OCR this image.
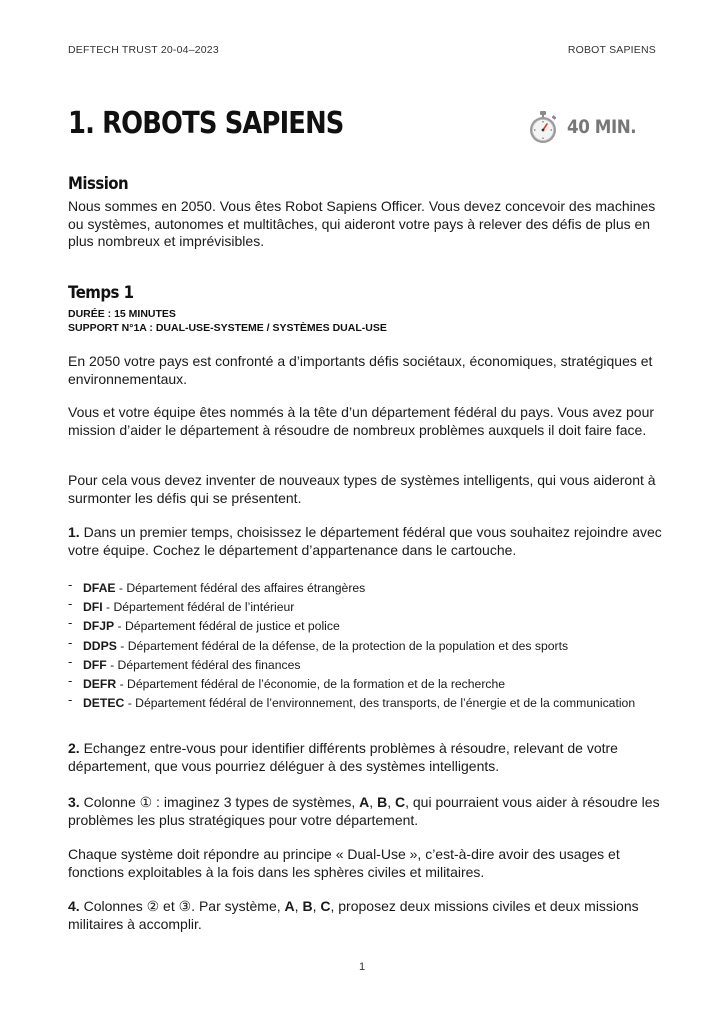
DEFTECH TRUST 20-04–2023	ROBOT SAPIENS
1. ROBOTS SAPIENS	40 MIN.
Mission
Nous sommes en 2050. Vous êtes Robot Sapiens Officer. Vous devez concevoir des machines ou systèmes, autonomes et multitâches, qui aideront votre pays à relever des défis de plus en plus nombreux et imprévisibles.
Temps 1
DURÉE : 15 MINUTES
SUPPORT N°1A : DUAL-USE-SYSTEME / SYSTÈMES DUAL-USE
En 2050 votre pays est confronté a d’importants défis sociétaux, économiques, stratégiques et environnementaux.
Vous et votre équipe êtes nommés à la tête d’un département fédéral du pays. Vous avez pour mission d’aider le département à résoudre de nombreux problèmes auxquels il doit faire face.
Pour cela vous devez inventer de nouveaux types de systèmes intelligents, qui vous aideront à surmonter les défis qui se présentent.
1. Dans un premier temps, choisissez le département fédéral que vous souhaitez rejoindre avec votre équipe. Cochez le département d’appartenance dans le cartouche.
- DFAE - Département fédéral des affaires étrangères
- DFI - Département fédéral de l’intérieur
- DFJP - Département fédéral de justice et police
- DDPS - Département fédéral de la défense, de la protection de la population et des sports
- DFF - Département fédéral des finances
- DEFR - Département fédéral de l’économie, de la formation et de la recherche
- DETEC - Département fédéral de l’environnement, des transports, de l’énergie et de la communication
2. Echangez entre-vous pour identifier différents problèmes à résoudre, relevant de votre département, que vous pourriez déléguer à des systèmes intelligents.
3. Colonne ① : imaginez 3 types de systèmes, A, B, C, qui pourraient vous aider à résoudre les problèmes les plus stratégiques pour votre département.
Chaque système doit répondre au principe « Dual-Use », c’est-à-dire avoir des usages et fonctions exploitables à la fois dans les sphères civiles et militaires.
4. Colonnes ② et ③. Par système, A, B, C, proposez deux missions civiles et deux missions militaires à accomplir.
1
